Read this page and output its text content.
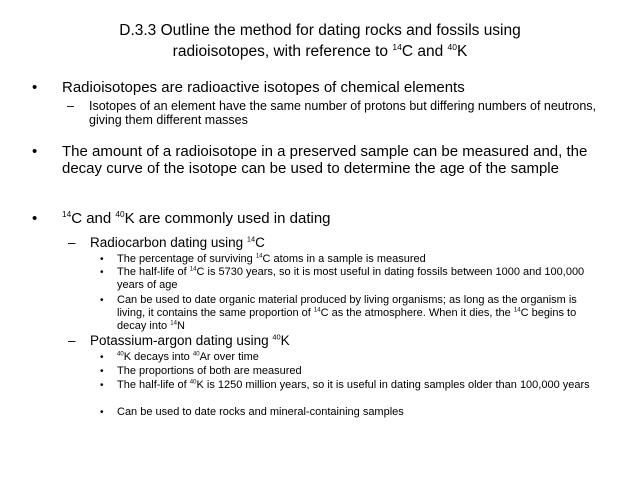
D.3.3 Outline the method for dating rocks and fossils using
radioisotopes, with reference to $^{14}$C and $^{40}$K
• Radioisotopes are radioactive isotopes of chemical elements
– Isotopes of an element have the same number of protons but differing numbers of neutrons, giving them different masses
• The amount of a radioisotope in a preserved sample can be measured and, the decay curve of the isotope can be used to determine the age of the sample
•	$^{14}$C and $^{40}$K are commonly used in dating
– Radiocarbon dating using $^{14}$C
• The percentage of surviving $^{14}$C atoms in a sample is measured
• The half-life of $^{14}$C is 5730 years, so it is most useful in dating fossils between 1000 and 100,000 years of age
• Can be used to date organic material produced by living organisms; as long as the organism is living, it contains the same proportion of $^{14}$C as the atmosphere. When it dies, the $^{14}$C begins to decay into $^{14}$N
– Potassium-argon dating using $^{40}$K
• $^{40}$K decays into $^{40}$Ar over time
• The proportions of both are measured
• The half-life of $^{40}$K is 1250 million years, so it is useful in dating samples older than 100,000 years
• Can be used to date rocks and mineral-containing samples
